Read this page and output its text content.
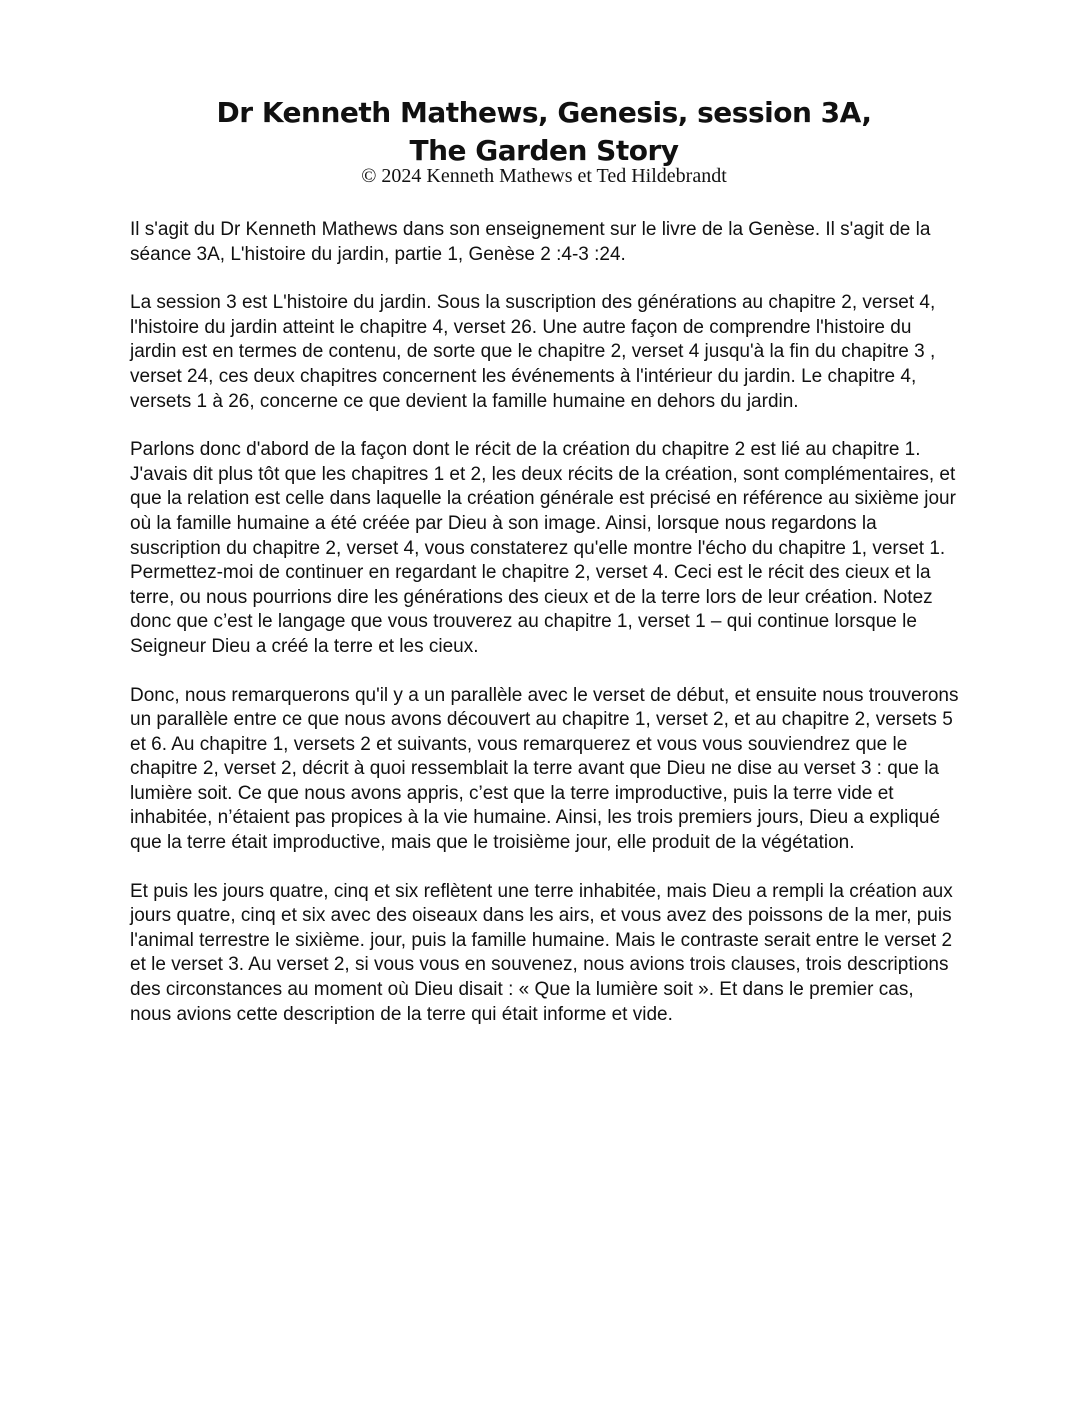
Dr Kenneth Mathews, Genesis, session 3A,
The Garden Story
© 2024 Kenneth Mathews et Ted Hildebrandt

Il s'agit du Dr Kenneth Mathews dans son enseignement sur le livre de la Genèse. Il s'agit de la séance 3A, L'histoire du jardin, partie 1, Genèse 2 :4-3 :24.

La session 3 est L'histoire du jardin. Sous la suscription des générations au chapitre 2, verset 4, l'histoire du jardin atteint le chapitre 4, verset 26. Une autre façon de comprendre l'histoire du jardin est en termes de contenu, de sorte que le chapitre 2, verset 4 jusqu'à la fin du chapitre 3 , verset 24, ces deux chapitres concernent les événements à l'intérieur du jardin. Le chapitre 4, versets 1 à 26, concerne ce que devient la famille humaine en dehors du jardin.

Parlons donc d'abord de la façon dont le récit de la création du chapitre 2 est lié au chapitre 1. J'avais dit plus tôt que les chapitres 1 et 2, les deux récits de la création, sont complémentaires, et que la relation est celle dans laquelle la création générale est précisé en référence au sixième jour où la famille humaine a été créée par Dieu à son image. Ainsi, lorsque nous regardons la suscription du chapitre 2, verset 4, vous constaterez qu'elle montre l'écho du chapitre 1, verset 1. Permettez-moi de continuer en regardant le chapitre 2, verset 4. Ceci est le récit des cieux et la terre, ou nous pourrions dire les générations des cieux et de la terre lors de leur création. Notez donc que c’est le langage que vous trouverez au chapitre 1, verset 1 – qui continue lorsque le Seigneur Dieu a créé la terre et les cieux.

Donc, nous remarquerons qu'il y a un parallèle avec le verset de début, et ensuite nous trouverons un parallèle entre ce que nous avons découvert au chapitre 1, verset 2, et au chapitre 2, versets 5 et 6. Au chapitre 1, versets 2 et suivants, vous remarquerez et vous vous souviendrez que le chapitre 2, verset 2, décrit à quoi ressemblait la terre avant que Dieu ne dise au verset 3 : que la lumière soit. Ce que nous avons appris, c’est que la terre improductive, puis la terre vide et inhabitée, n’étaient pas propices à la vie humaine. Ainsi, les trois premiers jours, Dieu a expliqué que la terre était improductive, mais que le troisième jour, elle produit de la végétation.

Et puis les jours quatre, cinq et six reflètent une terre inhabitée, mais Dieu a rempli la création aux jours quatre, cinq et six avec des oiseaux dans les airs, et vous avez des poissons de la mer, puis l'animal terrestre le sixième. jour, puis la famille humaine. Mais le contraste serait entre le verset 2 et le verset 3. Au verset 2, si vous vous en souvenez, nous avions trois clauses, trois descriptions des circonstances au moment où Dieu disait : « Que la lumière soit ». Et dans le premier cas, nous avions cette description de la terre qui était informe et vide.
